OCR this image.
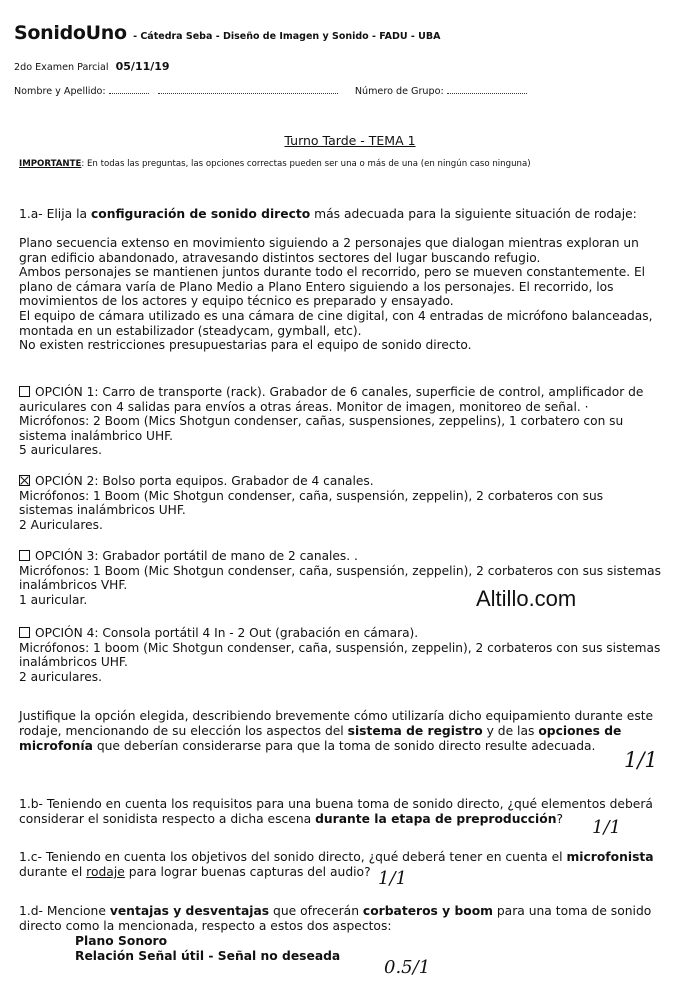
SonidoUno - Cátedra Seba - Diseño de Imagen y Sonido - FADU - UBA
2do Examen Parcial 05/11/19
Nombre y Apellido:	Número de Grupo:
Turno Tarde - TEMA 1
IMPORTANTE: En todas las preguntas, las opciones correctas pueden ser una o más de una (en ningún caso ninguna)
1.a- Elija la configuración de sonido directo más adecuada para la siguiente situación de rodaje:
Plano secuencia extenso en movimiento siguiendo a 2 personajes que dialogan mientras exploran un
gran edificio abandonado, atravesando distintos sectores del lugar buscando refugio.
Ambos personajes se mantienen juntos durante todo el recorrido, pero se mueven constantemente. El
plano de cámara varía de Plano Medio a Plano Entero siguiendo a los personajes. El recorrido, los
movimientos de los actores y equipo técnico es preparado y ensayado.
El equipo de cámara utilizado es una cámara de cine digital, con 4 entradas de micrófono balanceadas,
montada en un estabilizador (steadycam, gymball, etc).
No existen restricciones presupuestarias para el equipo de sonido directo.
OPCIÓN 1: Carro de transporte (rack). Grabador de 6 canales, superficie de control, amplificador de
auriculares con 4 salidas para envíos a otras áreas. Monitor de imagen, monitoreo de señal. ·
Micrófonos: 2 Boom (Mics Shotgun condenser, cañas, suspensiones, zeppelins), 1 corbatero con su
sistema inalámbrico UHF.
5 auriculares.
OPCIÓN 2: Bolso porta equipos. Grabador de 4 canales.
Micrófonos: 1 Boom (Mic Shotgun condenser, caña, suspensión, zeppelin), 2 corbateros con sus
sistemas inalámbricos UHF.
2 Auriculares.
OPCIÓN 3: Grabador portátil de mano de 2 canales. .
Micrófonos: 1 Boom (Mic Shotgun condenser, caña, suspensión, zeppelin), 2 corbateros con sus sistemas
inalámbricos VHF.
1 auricular.	Altillo.com
OPCIÓN 4: Consola portátil 4 In - 2 Out (grabación en cámara).
Micrófonos: 1 boom (Mic Shotgun condenser, caña, suspensión, zeppelin), 2 corbateros con sus sistemas
inalámbricos UHF.
2 auriculares.
Justifique la opción elegida, describiendo brevemente cómo utilizaría dicho equipamiento durante este
rodaje, mencionando de su elección los aspectos del sistema de registro y de las opciones de
microfonía que deberían considerarse para que la toma de sonido directo resulte adecuada.
1/1
1.b- Teniendo en cuenta los requisitos para una buena toma de sonido directo, ¿qué elementos deberá
considerar el sonidista respecto a dicha escena durante la etapa de preproducción?	1/1
1.c- Teniendo en cuenta los objetivos del sonido directo, ¿qué deberá tener en cuenta el microfonista
durante el rodaje para lograr buenas capturas del audio? 1/1
1.d- Mencione ventajas y desventajas que ofrecerán corbateros y boom para una toma de sonido
directo como la mencionada, respecto a estos dos aspectos:
Plano Sonoro
Relación Señal útil - Señal no deseada
0.5/1
